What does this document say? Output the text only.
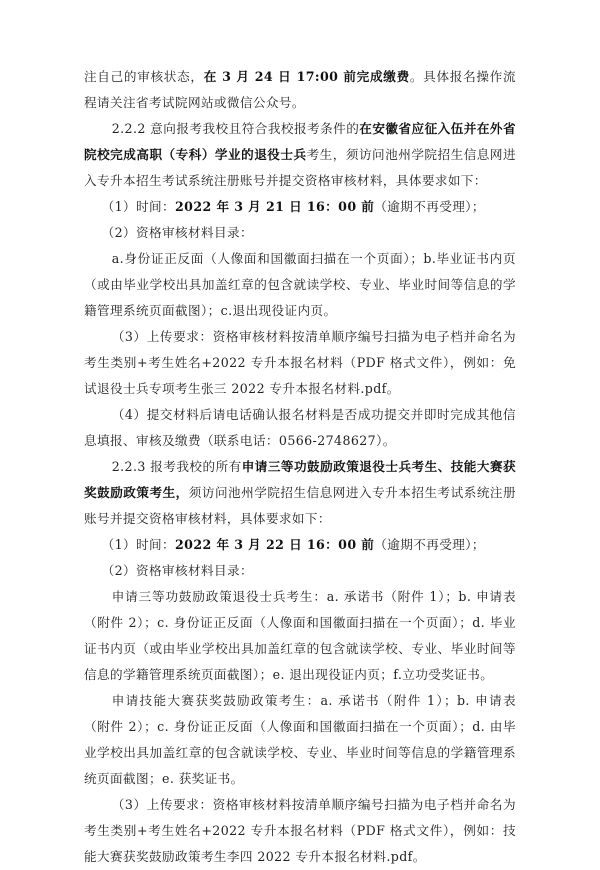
注自己的审核状态，在 3 月 24 日 17:00 前完成缴费。具体报名操作流程请关注省考试院网站或微信公众号。

2.2.2 意向报考我校且符合我校报考条件的在安徽省应征入伍并在外省院校完成高职（专科）学业的退役士兵考生，须访问池州学院招生信息网进入专升本招生考试系统注册账号并提交资格审核材料，具体要求如下：

（1）时间：2022 年 3 月 21 日 16：00 前（逾期不再受理）；

（2）资格审核材料目录：

a.身份证正反面（人像面和国徽面扫描在一个页面）；b.毕业证书内页（或由毕业学校出具加盖红章的包含就读学校、专业、毕业时间等信息的学籍管理系统页面截图）；c.退出现役证内页。

（3）上传要求：资格审核材料按清单顺序编号扫描为电子档并命名为考生类别+考生姓名+2022 专升本报名材料（PDF 格式文件），例如：免试退役士兵专项考生张三 2022 专升本报名材料.pdf。

（4）提交材料后请电话确认报名材料是否成功提交并即时完成其他信息填报、审核及缴费（联系电话：0566-2748627）。

2.2.3 报考我校的所有申请三等功鼓励政策退役士兵考生、技能大赛获奖鼓励政策考生，须访问池州学院招生信息网进入专升本招生考试系统注册账号并提交资格审核材料，具体要求如下：

（1）时间：2022 年 3 月 22 日 16：00 前（逾期不再受理）；

（2）资格审核材料目录：

申请三等功鼓励政策退役士兵考生：a. 承诺书（附件 1）；b. 申请表（附件 2）；c. 身份证正反面（人像面和国徽面扫描在一个页面）；d. 毕业证书内页（或由毕业学校出具加盖红章的包含就读学校、专业、毕业时间等信息的学籍管理系统页面截图）；e. 退出现役证内页；f.立功受奖证书。

申请技能大赛获奖鼓励政策考生：a. 承诺书（附件 1）；b. 申请表（附件 2）；c. 身份证正反面（人像面和国徽面扫描在一个页面）；d. 由毕业学校出具加盖红章的包含就读学校、专业、毕业时间等信息的学籍管理系统页面截图；e. 获奖证书。

（3）上传要求：资格审核材料按清单顺序编号扫描为电子档并命名为考生类别+考生姓名+2022 专升本报名材料（PDF 格式文件），例如：技能大赛获奖鼓励政策考生李四 2022 专升本报名材料.pdf。
